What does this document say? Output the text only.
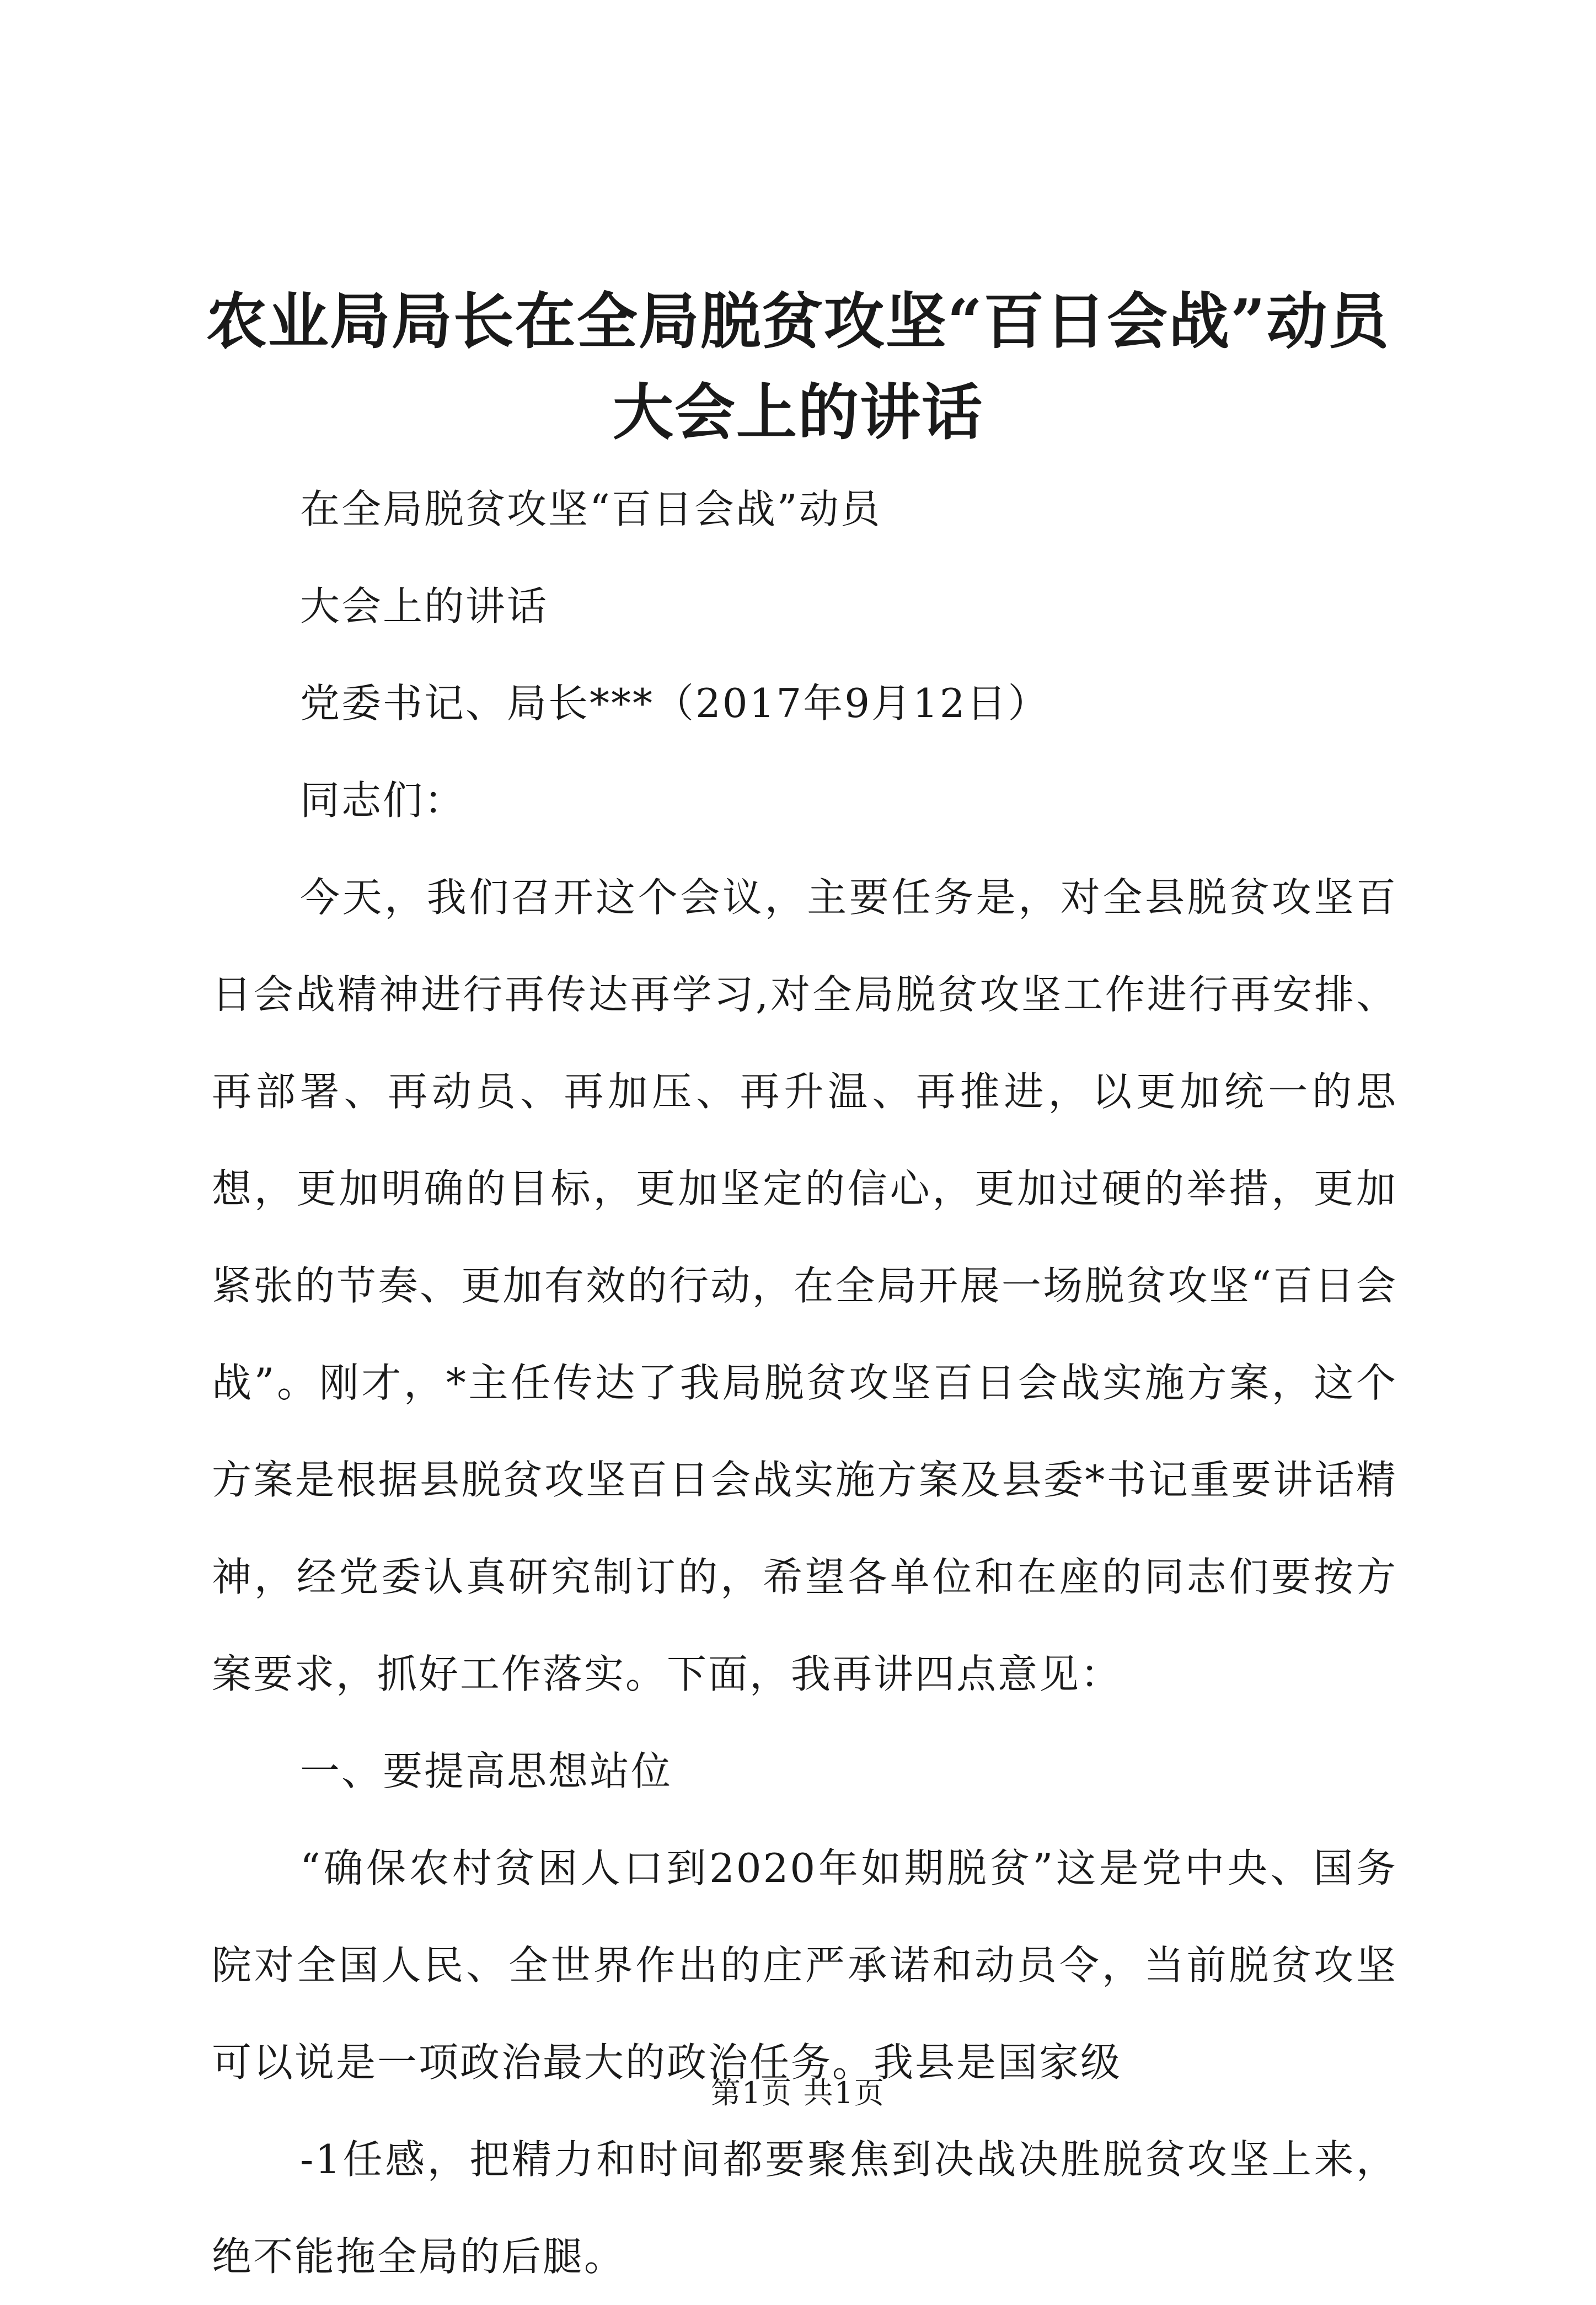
农业局局长在全局脱贫攻坚“百日会战”动员大会上的讲话

在全局脱贫攻坚“百日会战”动员

大会上的讲话

党委书记、局长***（2017年9月12日）

同志们：

今天，我们召开这个会议，主要任务是，对全县脱贫攻坚百日会战精神进行再传达再学习,对全局脱贫攻坚工作进行再安排、再部署、再动员、再加压、再升温、再推进，以更加统一的思想，更加明确的目标，更加坚定的信心，更加过硬的举措，更加紧张的节奏、更加有效的行动，在全局开展一场脱贫攻坚“百日会战”。刚才，*主任传达了我局脱贫攻坚百日会战实施方案，这个方案是根据县脱贫攻坚百日会战实施方案及县委*书记重要讲话精神，经党委认真研究制订的，希望各单位和在座的同志们要按方案要求，抓好工作落实。下面，我再讲四点意见：

一、要提高思想站位

“确保农村贫困人口到2020年如期脱贫”这是党中央、国务院对全国人民、全世界作出的庄严承诺和动员令，当前脱贫攻坚可以说是一项政治最大的政治任务。我县是国家级

-1任感，把精力和时间都要聚焦到决战决胜脱贫攻坚上来，绝不能拖全局的后腿。

第1页 共1页
